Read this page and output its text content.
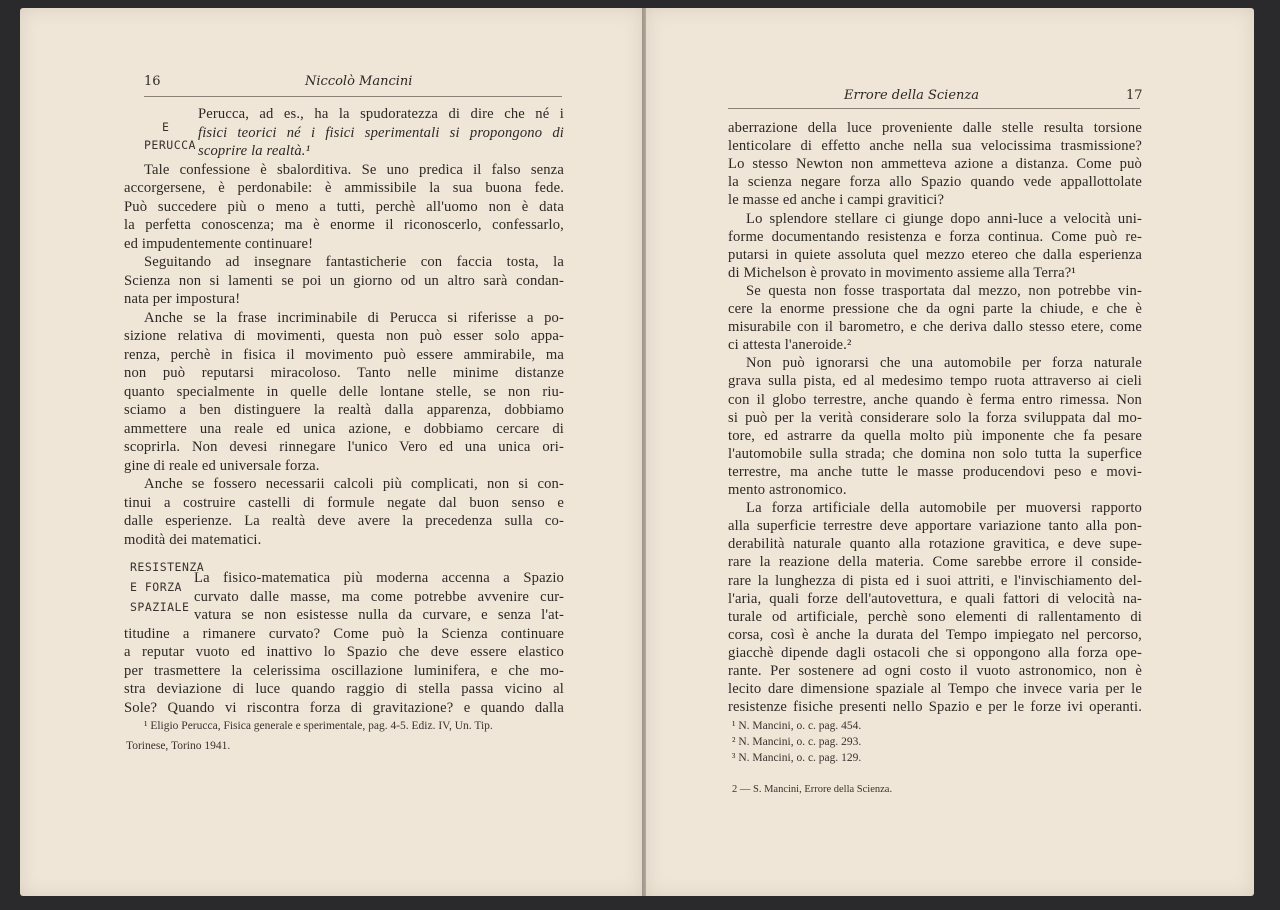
16	Niccolò Mancini
E
PERUCCA
Perucca, ad es., ha la spudoratezza di dire che né i
fisici teorici né i fisici sperimentali si propongono di
scoprire la realtà.¹
Tale confessione è sbalorditiva. Se uno predica il falso senza
accorgersene, è perdonabile: è ammissibile la sua buona fede.
Può succedere più o meno a tutti, perchè all'uomo non è data
la perfetta conoscenza; ma è enorme il riconoscerlo, confessarlo,
ed impudentemente continuare!
Seguitando ad insegnare fantasticherie con faccia tosta, la
Scienza non si lamenti se poi un giorno od un altro sarà condan-
nata per impostura!
Anche se la frase incriminabile di Perucca si riferisse a po-
sizione relativa di movimenti, questa non può esser solo appa-
renza, perchè in fisica il movimento può essere ammirabile, ma
non può reputarsi miracoloso. Tanto nelle minime distanze
quanto specialmente in quelle delle lontane stelle, se non riu-
sciamo a ben distinguere la realtà dalla apparenza, dobbiamo
ammettere una reale ed unica azione, e dobbiamo cercare di
scoprirla. Non devesi rinnegare l'unico Vero ed una unica ori-
gine di reale ed universale forza.
Anche se fossero necessarii calcoli più complicati, non si con-
tinui a costruire castelli di formule negate dal buon senso e
dalle esperienze. La realtà deve avere la precedenza sulla co-
modità dei matematici.
La fisico-matematica più moderna accenna a Spazio
curvato dalle masse, ma come potrebbe avvenire cur-
vatura se non esistesse nulla da curvare, e senza l'at-
titudine a rimanere curvato? Come può la Scienza continuare
a reputar vuoto ed inattivo lo Spazio che deve essere elastico
per trasmettere la celerissima oscillazione luminifera, e che mo-
stra deviazione di luce quando raggio di stella passa vicino al
Sole? Quando vi riscontra forza di gravitazione? e quando dalla
RESISTENZA
E FORZA
SPAZIALE
¹ Eligio Perucca, Fisica generale e sperimentale, pag. 4-5. Ediz. IV, Un. Tip.
Torinese, Torino 1941.
Errore della Scienza	17
aberrazione della luce proveniente dalle stelle resulta torsione
lenticolare di effetto anche nella sua velocissima trasmissione?
Lo stesso Newton non ammetteva azione a distanza. Come può
la scienza negare forza allo Spazio quando vede appallottolate
le masse ed anche i campi gravitici?
Lo splendore stellare ci giunge dopo anni-luce a velocità uni-
forme documentando resistenza e forza continua. Come può re-
putarsi in quiete assoluta quel mezzo etereo che dalla esperienza
di Michelson è provato in movimento assieme alla Terra?¹
Se questa non fosse trasportata dal mezzo, non potrebbe vin-
cere la enorme pressione che da ogni parte la chiude, e che è
misurabile con il barometro, e che deriva dallo stesso etere, come
ci attesta l'aneroide.²
Non può ignorarsi che una automobile per forza naturale
grava sulla pista, ed al medesimo tempo ruota attraverso ai cieli
con il globo terrestre, anche quando è ferma entro rimessa. Non
si può per la verità considerare solo la forza sviluppata dal mo-
tore, ed astrarre da quella molto più imponente che fa pesare
l'automobile sulla strada; che domina non solo tutta la superfice
terrestre, ma anche tutte le masse producendovi peso e movi-
mento astronomico.
La forza artificiale della automobile per muoversi rapporto
alla superficie terrestre deve apportare variazione tanto alla pon-
derabilità naturale quanto alla rotazione gravitica, e deve supe-
rare la reazione della materia. Come sarebbe errore il conside-
rare la lunghezza di pista ed i suoi attriti, e l'invischiamento del-
l'aria, quali forze dell'autovettura, e quali fattori di velocità na-
turale od artificiale, perchè sono elementi di rallentamento di
corsa, così è anche la durata del Tempo impiegato nel percorso,
giacchè dipende dagli ostacoli che si oppongono alla forza ope-
rante. Per sostenere ad ogni costo il vuoto astronomico, non è
lecito dare dimensione spaziale al Tempo che invece varia per le
resistenze fisiche presenti nello Spazio e per le forze ivi operanti.
¹ N. Mancini, o. c. pag. 454.
² N. Mancini, o. c. pag. 293.
³ N. Mancini, o. c. pag. 129.
2 — S. Mancini, Errore della Scienza.
